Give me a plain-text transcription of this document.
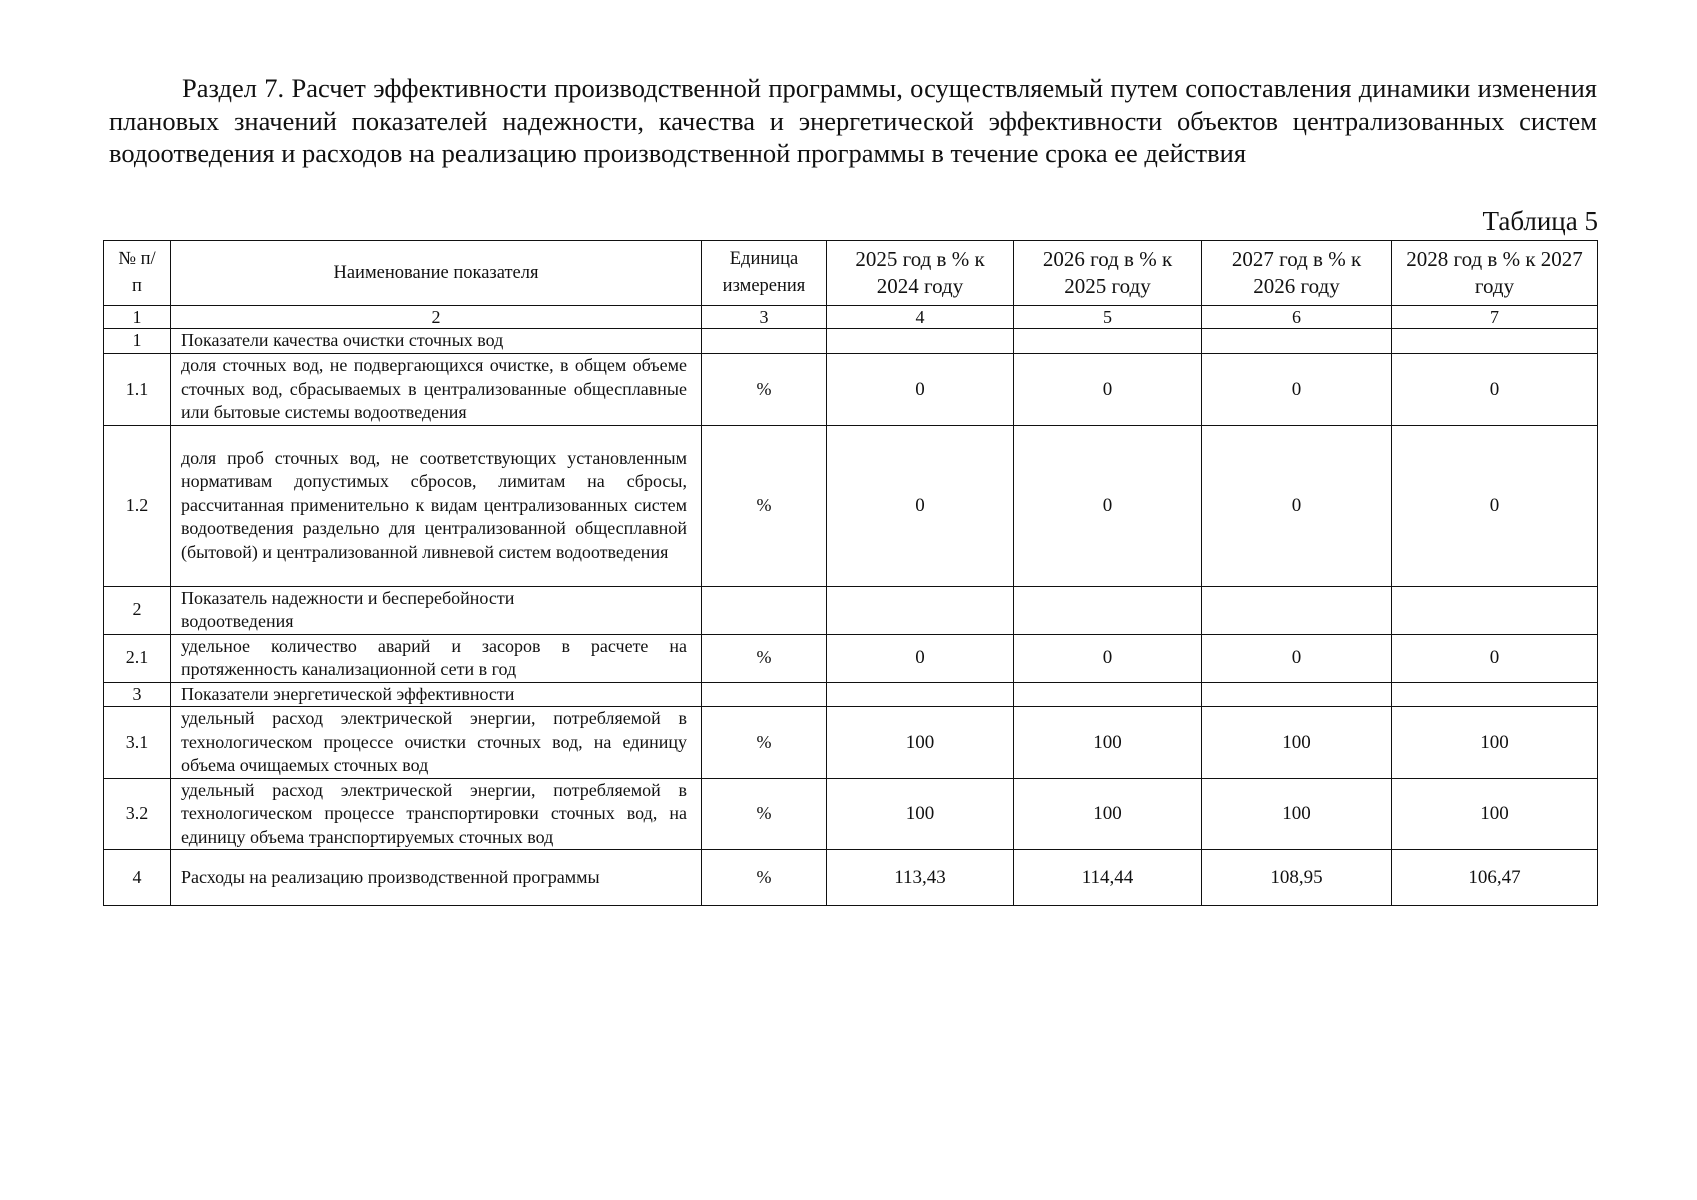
Раздел 7. Расчет эффективности производственной программы, осуществляемый путем сопоставления динамики изменения плановых значений показателей надежности, качества и энергетической эффективности объектов централизованных систем водоотведения и расходов на реализацию производственной программы в течение срока ее действия

Таблица 5

№ п/п	Наименование показателя	Единица измерения	2025 год в % к 2024 году	2026 год в % к 2025 году	2027 год в % к 2026 году	2028 год в % к 2027 году
1	2	3	4	5	6	7
1	Показатели качества очистки сточных вод					
1.1	доля сточных вод, не подвергающихся очистке, в общем объеме сточных вод, сбрасываемых в централизованные общесплавные или бытовые системы водоотведения	%	0	0	0	0
1.2	доля проб сточных вод, не соответствующих установленным нормативам допустимых сбросов, лимитам на сбросы, рассчитанная применительно к видам централизованных систем водоотведения раздельно для централизованной общесплавной (бытовой) и централизованной ливневой систем водоотведения	%	0	0	0	0
2	Показатель надежности и бесперебойности водоотведения					
2.1	удельное количество аварий и засоров в расчете на протяженность канализационной сети в год	%	0	0	0	0
3	Показатели энергетической эффективности					
3.1	удельный расход электрической энергии, потребляемой в технологическом процессе очистки сточных вод, на единицу объема очищаемых сточных вод	%	100	100	100	100
3.2	удельный расход электрической энергии, потребляемой в технологическом процессе транспортировки сточных вод, на единицу объема транспортируемых сточных вод	%	100	100	100	100
4	Расходы на реализацию производственной программы	%	113,43	114,44	108,95	106,47
